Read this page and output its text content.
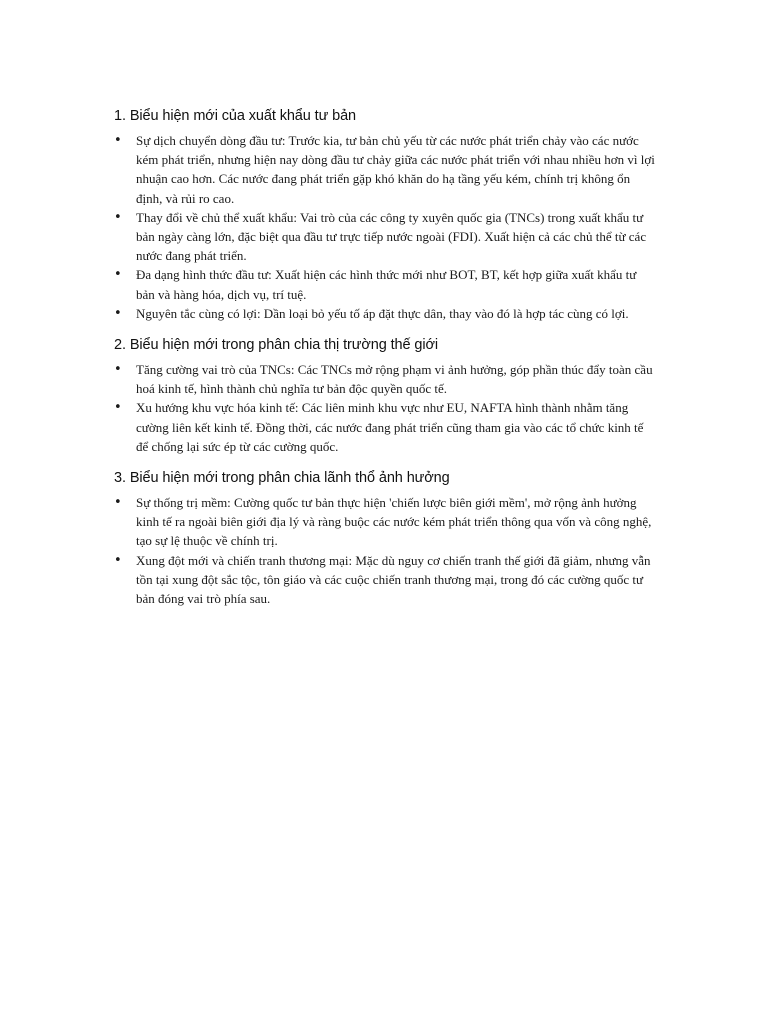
1. Biểu hiện mới của xuất khẩu tư bản
• Sự dịch chuyển dòng đầu tư: Trước kia, tư bản chủ yếu từ các nước phát triển chảy vào các nước kém phát triển, nhưng hiện nay dòng đầu tư chảy giữa các nước phát triển với nhau nhiều hơn vì lợi nhuận cao hơn. Các nước đang phát triển gặp khó khăn do hạ tầng yếu kém, chính trị không ổn định, và rủi ro cao.
• Thay đổi về chủ thể xuất khẩu: Vai trò của các công ty xuyên quốc gia (TNCs) trong xuất khẩu tư bản ngày càng lớn, đặc biệt qua đầu tư trực tiếp nước ngoài (FDI). Xuất hiện cả các chủ thể từ các nước đang phát triển.
• Đa dạng hình thức đầu tư: Xuất hiện các hình thức mới như BOT, BT, kết hợp giữa xuất khẩu tư bản và hàng hóa, dịch vụ, trí tuệ.
• Nguyên tắc cùng có lợi: Dần loại bỏ yếu tố áp đặt thực dân, thay vào đó là hợp tác cùng có lợi.
2. Biểu hiện mới trong phân chia thị trường thế giới
• Tăng cường vai trò của TNCs: Các TNCs mở rộng phạm vi ảnh hưởng, góp phần thúc đẩy toàn cầu hoá kinh tế, hình thành chủ nghĩa tư bản độc quyền quốc tế.
• Xu hướng khu vực hóa kinh tế: Các liên minh khu vực như EU, NAFTA hình thành nhằm tăng cường liên kết kinh tế. Đồng thời, các nước đang phát triển cũng tham gia vào các tổ chức kinh tế để chống lại sức ép từ các cường quốc.
3. Biểu hiện mới trong phân chia lãnh thổ ảnh hưởng
• Sự thống trị mềm: Cường quốc tư bản thực hiện 'chiến lược biên giới mềm', mở rộng ảnh hưởng kinh tế ra ngoài biên giới địa lý và ràng buộc các nước kém phát triển thông qua vốn và công nghệ, tạo sự lệ thuộc về chính trị.
• Xung đột mới và chiến tranh thương mại: Mặc dù nguy cơ chiến tranh thế giới đã giảm, nhưng vẫn tồn tại xung đột sắc tộc, tôn giáo và các cuộc chiến tranh thương mại, trong đó các cường quốc tư bản đóng vai trò phía sau.
